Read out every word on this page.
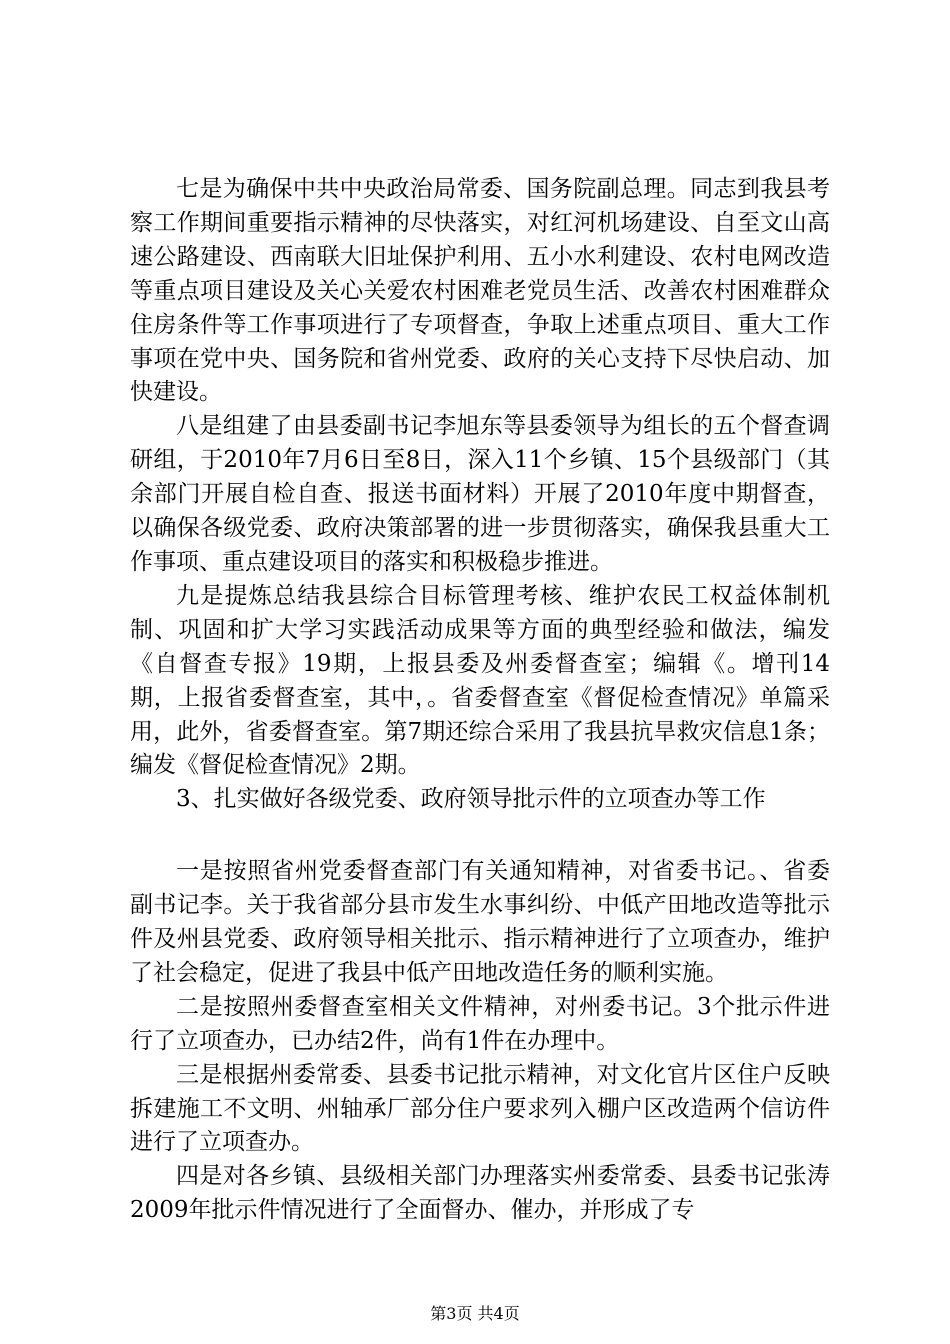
七是为确保中共中央政治局常委、国务院副总理。同志到我县考察工作期间重要指示精神的尽快落实，对红河机场建设、自至文山高速公路建设、西南联大旧址保护利用、五小水利建设、农村电网改造等重点项目建设及关心关爱农村困难老党员生活、改善农村困难群众住房条件等工作事项进行了专项督查，争取上述重点项目、重大工作事项在党中央、国务院和省州党委、政府的关心支持下尽快启动、加快建设。

八是组建了由县委副书记李旭东等县委领导为组长的五个督查调研组，于2010年7月6日至8日，深入11个乡镇、15个县级部门（其余部门开展自检自查、报送书面材料）开展了2010年度中期督查，以确保各级党委、政府决策部署的进一步贯彻落实，确保我县重大工作事项、重点建设项目的落实和积极稳步推进。

九是提炼总结我县综合目标管理考核、维护农民工权益体制机制、巩固和扩大学习实践活动成果等方面的典型经验和做法，编发《自督查专报》19期，上报县委及州委督查室；编辑《。增刊14期，上报省委督查室，其中，。省委督查室《督促检查情况》单篇采用，此外，省委督查室。第7期还综合采用了我县抗旱救灾信息1条；编发《督促检查情况》2期。

3、扎实做好各级党委、政府领导批示件的立项查办等工作

一是按照省州党委督查部门有关通知精神，对省委书记。、省委副书记李。关于我省部分县市发生水事纠纷、中低产田地改造等批示件及州县党委、政府领导相关批示、指示精神进行了立项查办，维护了社会稳定，促进了我县中低产田地改造任务的顺利实施。

二是按照州委督查室相关文件精神，对州委书记。3个批示件进行了立项查办，已办结2件，尚有1件在办理中。

三是根据州委常委、县委书记批示精神，对文化官片区住户反映拆建施工不文明、州轴承厂部分住户要求列入棚户区改造两个信访件进行了立项查办。

四是对各乡镇、县级相关部门办理落实州委常委、县委书记张涛2009年批示件情况进行了全面督办、催办，并形成了专

第3页 共4页
